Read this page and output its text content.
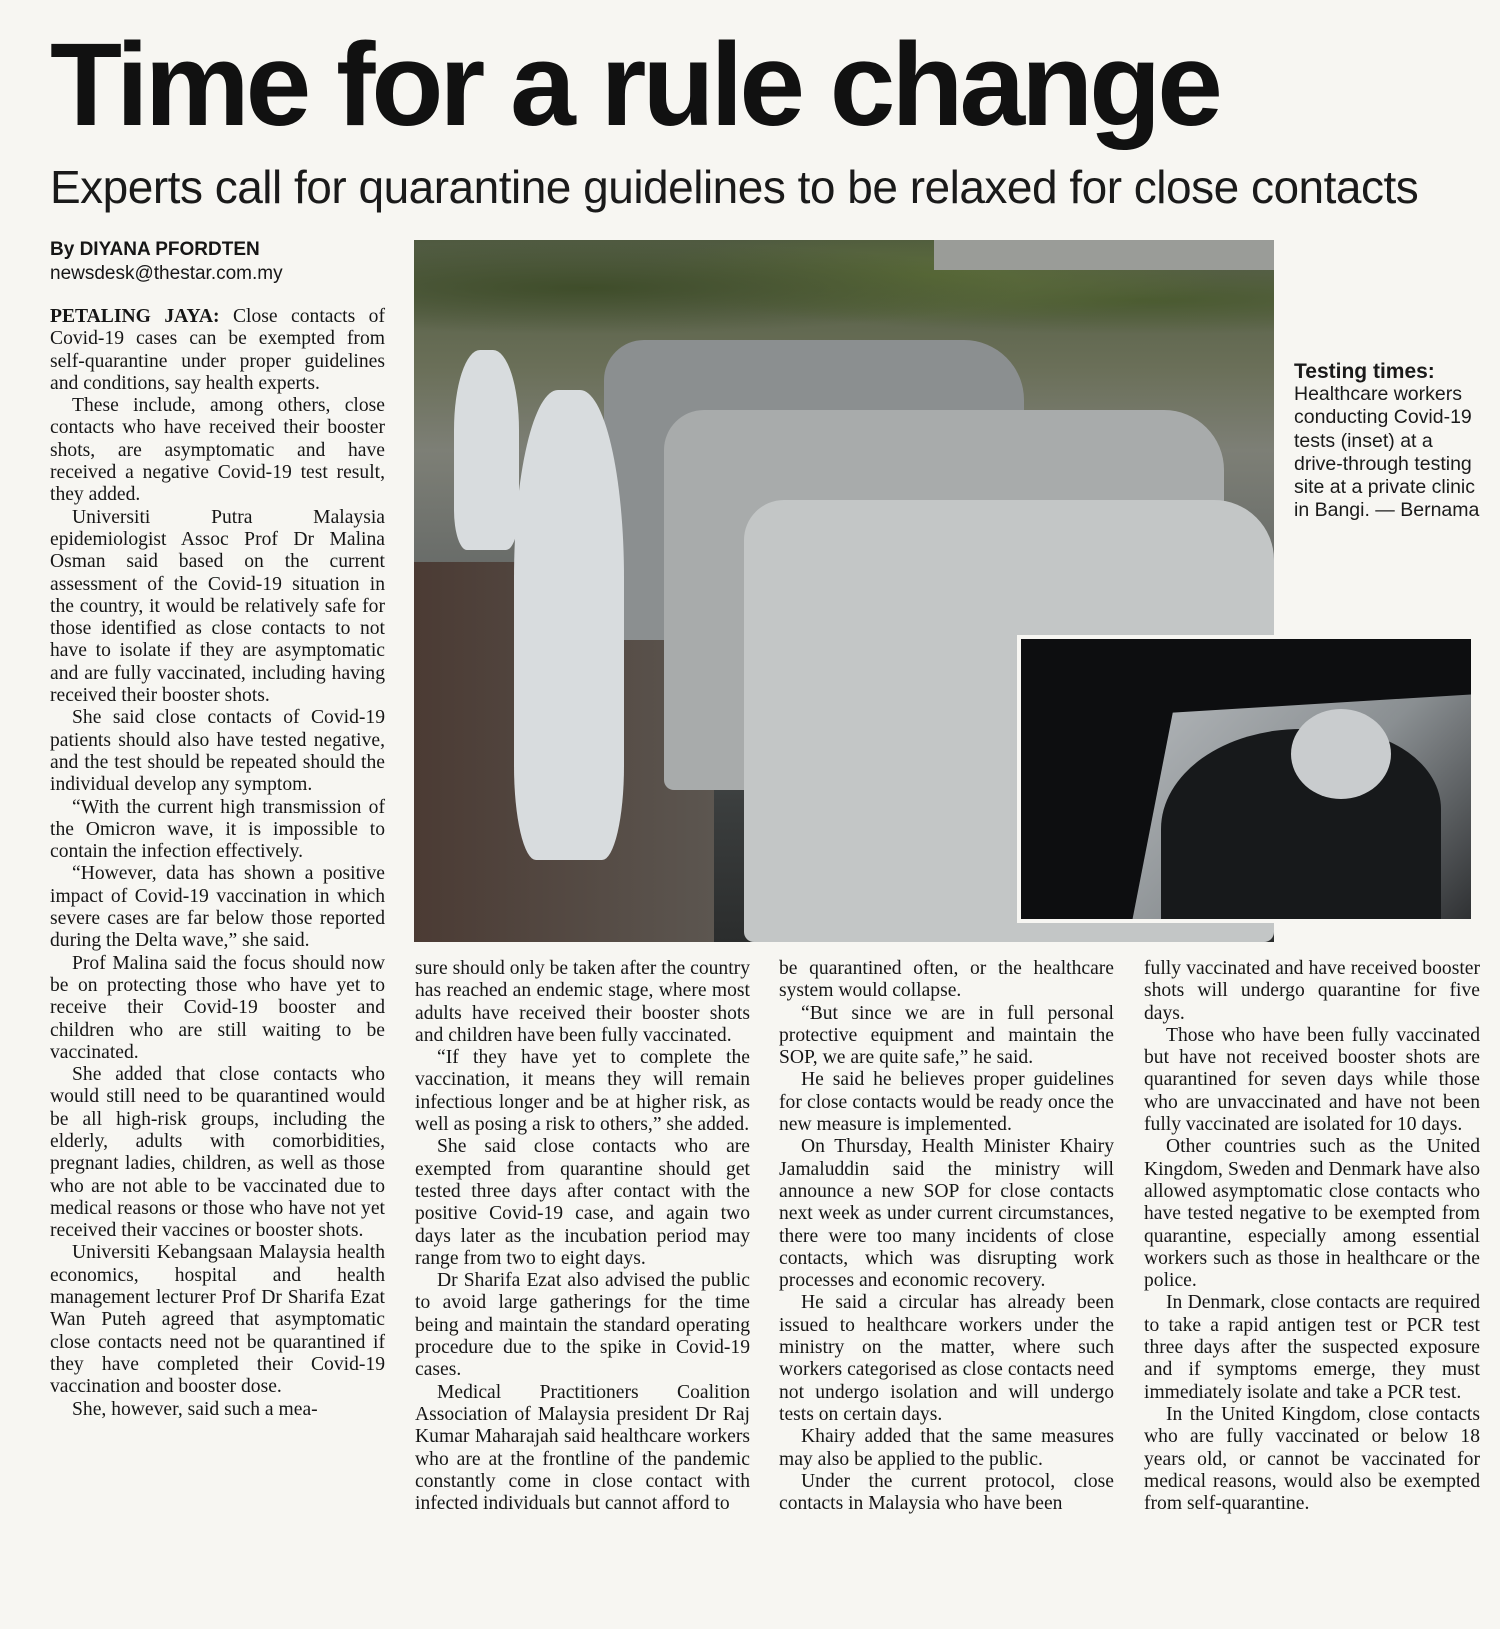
Time for a rule change
Experts call for quarantine guidelines to be relaxed for close contacts
By DIYANA PFORDTEN
newsdesk@thestar.com.my
Testing times:
Healthcare workers conducting Covid-19 tests (inset) at a drive-through testing site at a private clinic in Bangi. — Bernama

PETALING JAYA: Close contacts of Covid-19 cases can be exempted from self-quarantine under proper guidelines and conditions, say health experts.

These include, among others, close contacts who have received their booster shots, are asymptomatic and have received a negative Covid-19 test result, they added.

Universiti Putra Malaysia epidemiologist Assoc Prof Dr Malina Osman said based on the current assessment of the Covid-19 situation in the country, it would be relatively safe for those identified as close contacts to not have to isolate if they are asymptomatic and are fully vaccinated, including having received their booster shots.

She said close contacts of Covid-19 patients should also have tested negative, and the test should be repeated should the individual develop any symptom.

“With the current high transmission of the Omicron wave, it is impossible to contain the infection effectively.

“However, data has shown a positive impact of Covid-19 vaccination in which severe cases are far below those reported during the Delta wave,” she said.

Prof Malina said the focus should now be on protecting those who have yet to receive their Covid-19 booster and children who are still waiting to be vaccinated.

She added that close contacts who would still need to be quarantined would be all high-risk groups, including the elderly, adults with comorbidities, pregnant ladies, children, as well as those who are not able to be vaccinated due to medical reasons or those who have not yet received their vaccines or booster shots.

Universiti Kebangsaan Malaysia health economics, hospital and health management lecturer Prof Dr Sharifa Ezat Wan Puteh agreed that asymptomatic close contacts need not be quarantined if they have completed their Covid-19 vaccination and booster dose.

She, however, said such a mea-

sure should only be taken after the country has reached an endemic stage, where most adults have received their booster shots and children have been fully vaccinated.

“If they have yet to complete the vaccination, it means they will remain infectious longer and be at higher risk, as well as posing a risk to others,” she added.

She said close contacts who are exempted from quarantine should get tested three days after contact with the positive Covid-19 case, and again two days later as the incubation period may range from two to eight days.

Dr Sharifa Ezat also advised the public to avoid large gatherings for the time being and maintain the standard operating procedure due to the spike in Covid-19 cases.

Medical Practitioners Coalition Association of Malaysia president Dr Raj Kumar Maharajah said healthcare workers who are at the frontline of the pandemic constantly come in close contact with infected individuals but cannot afford to

be quarantined often, or the healthcare system would collapse.

“But since we are in full personal protective equipment and maintain the SOP, we are quite safe,” he said.

He said he believes proper guidelines for close contacts would be ready once the new measure is implemented.

On Thursday, Health Minister Khairy Jamaluddin said the ministry will announce a new SOP for close contacts next week as under current circumstances, there were too many incidents of close contacts, which was disrupting work processes and economic recovery.

He said a circular has already been issued to healthcare workers under the ministry on the matter, where such workers categorised as close contacts need not undergo isolation and will undergo tests on certain days.

Khairy added that the same measures may also be applied to the public.

Under the current protocol, close contacts in Malaysia who have been

fully vaccinated and have received booster shots will undergo quarantine for five days.

Those who have been fully vaccinated but have not received booster shots are quarantined for seven days while those who are unvaccinated and have not been fully vaccinated are isolated for 10 days.

Other countries such as the United Kingdom, Sweden and Denmark have also allowed asymptomatic close contacts who have tested negative to be exempted from quarantine, especially among essential workers such as those in healthcare or the police.

In Denmark, close contacts are required to take a rapid antigen test or PCR test three days after the suspected exposure and if symptoms emerge, they must immediately isolate and take a PCR test.

In the United Kingdom, close contacts who are fully vaccinated or below 18 years old, or cannot be vaccinated for medical reasons, would also be exempted from self-quarantine.
